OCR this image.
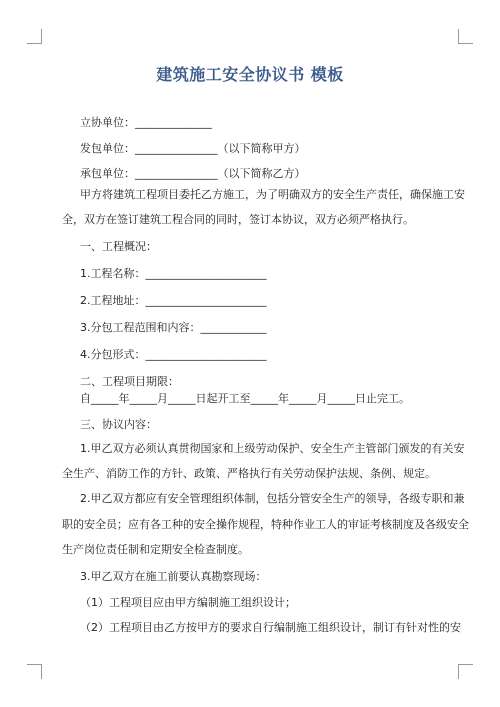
建筑施工安全协议书 模板
立协单位：______________
发包单位：_______________（以下简称甲方）
承包单位：_______________（以下简称乙方）
甲方将建筑工程项目委托乙方施工，为了明确双方的安全生产责任，确保施工安
全，双方在签订建筑工程合同的同时，签订本协议，双方必须严格执行。
一、工程概况：
1.工程名称：______________________
2.工程地址：______________________
3.分包工程范围和内容：____________
4.分包形式：______________________
二、工程项目期限：
自_____年_____月_____日起开工至_____年_____月_____日止完工。
三、协议内容：
1.甲乙双方必须认真贯彻国家和上级劳动保护、安全生产主管部门颁发的有关安
全生产、消防工作的方针、政策、严格执行有关劳动保护法规、条例、规定。
2.甲乙双方都应有安全管理组织体制，包括分管安全生产的领导，各级专职和兼
职的安全员；应有各工种的安全操作规程，特种作业工人的审证考核制度及各级安全
生产岗位责任制和定期安全检查制度。
3.甲乙双方在施工前要认真勘察现场：
（1）工程项目应由甲方编制施工组织设计；
（2）工程项目由乙方按甲方的要求自行编制施工组织设计，制订有针对性的安
